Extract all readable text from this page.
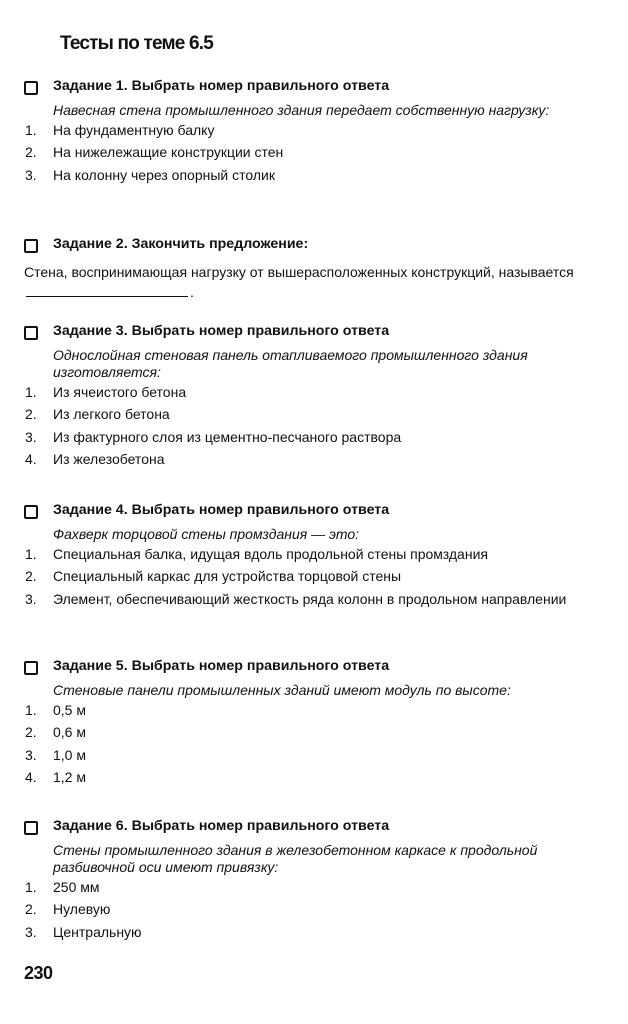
Тесты по теме 6.5
Задание 1. Выбрать номер правильного ответа
Навесная стена промышленного здания передает собственную нагрузку:
1. На фундаментную балку
2. На нижележащие конструкции стен
3. На колонну через опорный столик
Задание 2. Закончить предложение:
Стена, воспринимающая нагрузку от вышерасположенных конструкций, называется .
Задание 3. Выбрать номер правильного ответа
Однослойная стеновая панель отапливаемого промышленного здания изготовляется:
1. Из ячеистого бетона
2. Из легкого бетона
3. Из фактурного слоя из цементно-песчаного раствора
4. Из железобетона
Задание 4. Выбрать номер правильного ответа
Фахверк торцовой стены промздания — это:
1. Специальная балка, идущая вдоль продольной стены промздания
2. Специальный каркас для устройства торцовой стены
3. Элемент, обеспечивающий жесткость ряда колонн в продольном направлении
Задание 5. Выбрать номер правильного ответа
Стеновые панели промышленных зданий имеют модуль по высоте:
1. 0,5 м
2. 0,6 м
3. 1,0 м
4. 1,2 м
Задание 6. Выбрать номер правильного ответа
Стены промышленного здания в железобетонном каркасе к продольной разбивочной оси имеют привязку:
1. 250 мм
2. Нулевую
3. Центральную
230
